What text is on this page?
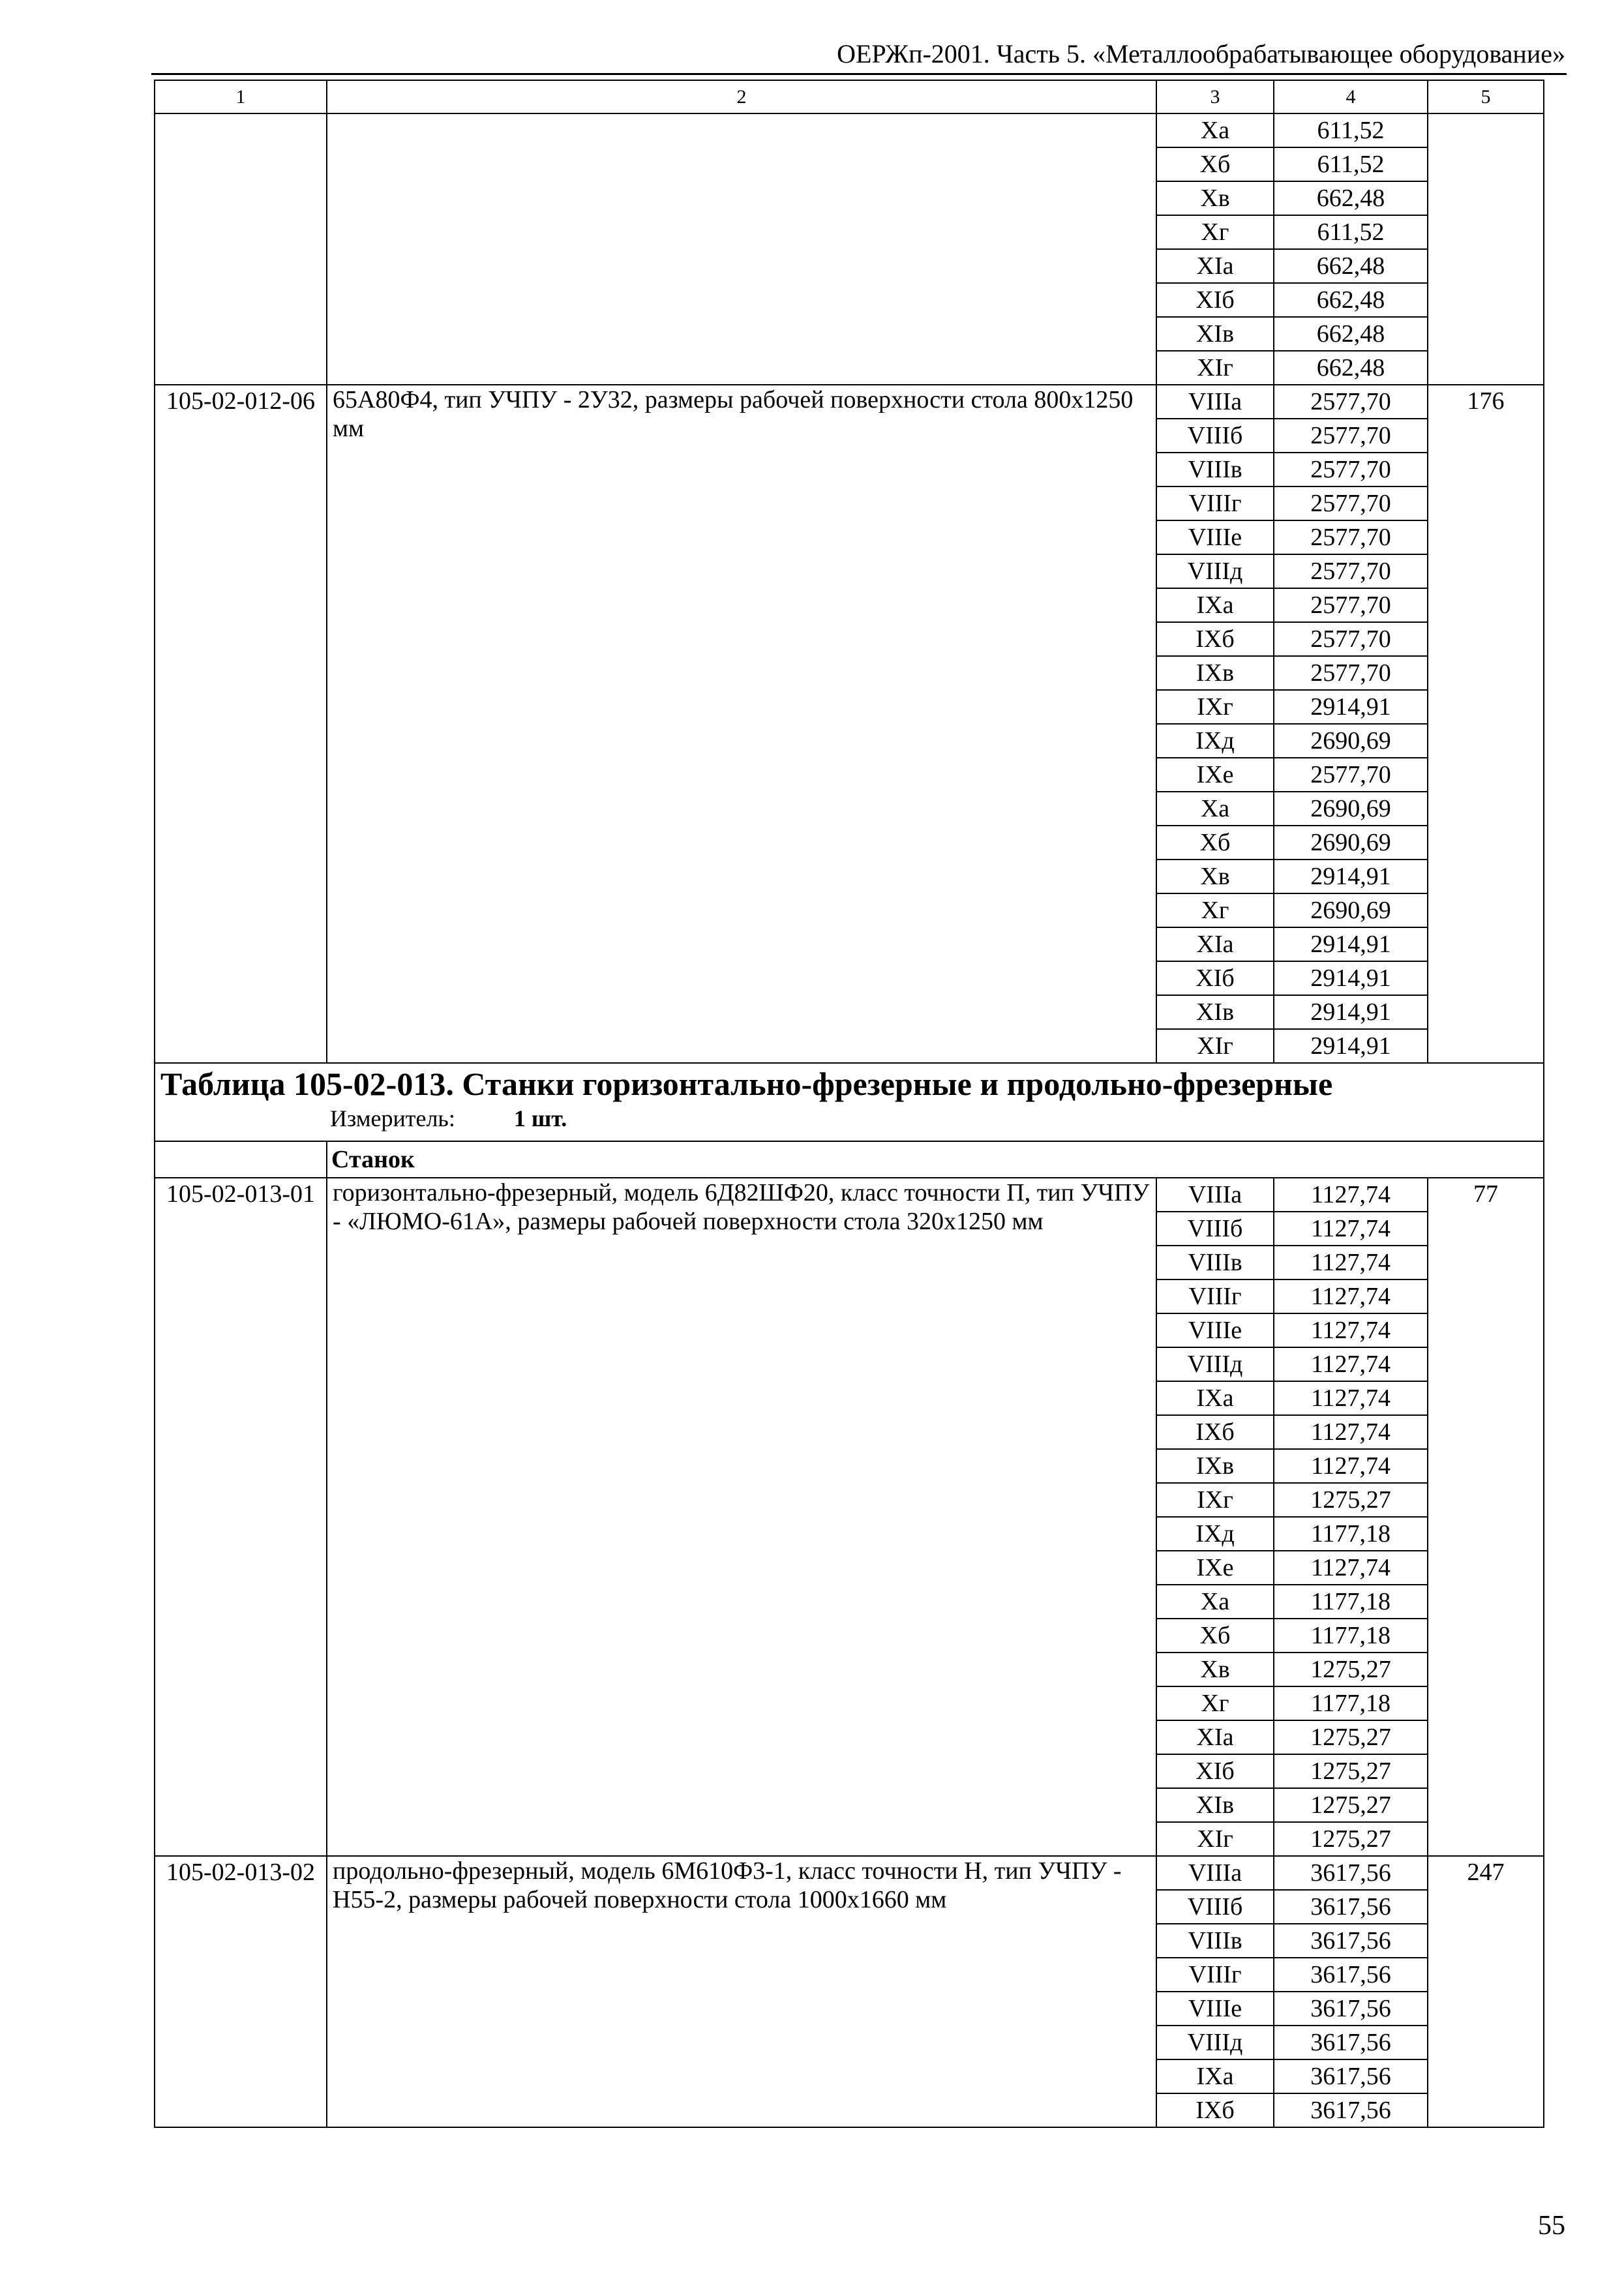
ОЕРЖп-2001. Часть 5. «Металлообрабатывающее оборудование»
1	2	3	4	5
		Xа	611,52	
		Xб	611,52	
		Xв	662,48	
		Xг	611,52	
		XIа	662,48	
		XIб	662,48	
		XIв	662,48	
		XIг	662,48	
105-02-012-06	65А80Ф4, тип УЧПУ - 2У32, размеры рабочей поверхности стола 800х1250 мм	VIIIа	2577,70	176
		VIIIб	2577,70	
		VIIIв	2577,70	
		VIIIг	2577,70	
		VIIIе	2577,70	
		VIIIд	2577,70	
		IXа	2577,70	
		IXб	2577,70	
		IXв	2577,70	
		IXг	2914,91	
		IXд	2690,69	
		IXе	2577,70	
		Xа	2690,69	
		Xб	2690,69	
		Xв	2914,91	
		Xг	2690,69	
		XIа	2914,91	
		XIб	2914,91	
		XIв	2914,91	
		XIг	2914,91	

Таблица 105-02-013. Станки горизонтально-фрезерные и продольно-фрезерные
Измеритель: 1 шт.				

	Станок			
105-02-013-01	горизонтально-фрезерный, модель 6Д82ШФ20, класс точности П, тип УЧПУ - «ЛЮМО-61А», размеры рабочей поверхности стола 320х1250 мм	VIIIа	1127,74	77
		VIIIб	1127,74	
		VIIIв	1127,74	
		VIIIг	1127,74	
		VIIIе	1127,74	
		VIIIд	1127,74	
		IXа	1127,74	
		IXб	1127,74	
		IXв	1127,74	
		IXг	1275,27	
		IXд	1177,18	
		IXе	1127,74	
		Xа	1177,18	
		Xб	1177,18	
		Xв	1275,27	
		Xг	1177,18	
		XIа	1275,27	
		XIб	1275,27	
		XIв	1275,27	
		XIг	1275,27	
105-02-013-02	продольно-фрезерный, модель 6М610Ф3-1, класс точности Н, тип УЧПУ - Н55-2, размеры рабочей поверхности стола 1000х1660 мм	VIIIа	3617,56	247
		VIIIб	3617,56	
		VIIIв	3617,56	
		VIIIг	3617,56	
		VIIIе	3617,56	
		VIIIд	3617,56	
		IXа	3617,56	
		IXб	3617,56	
55
